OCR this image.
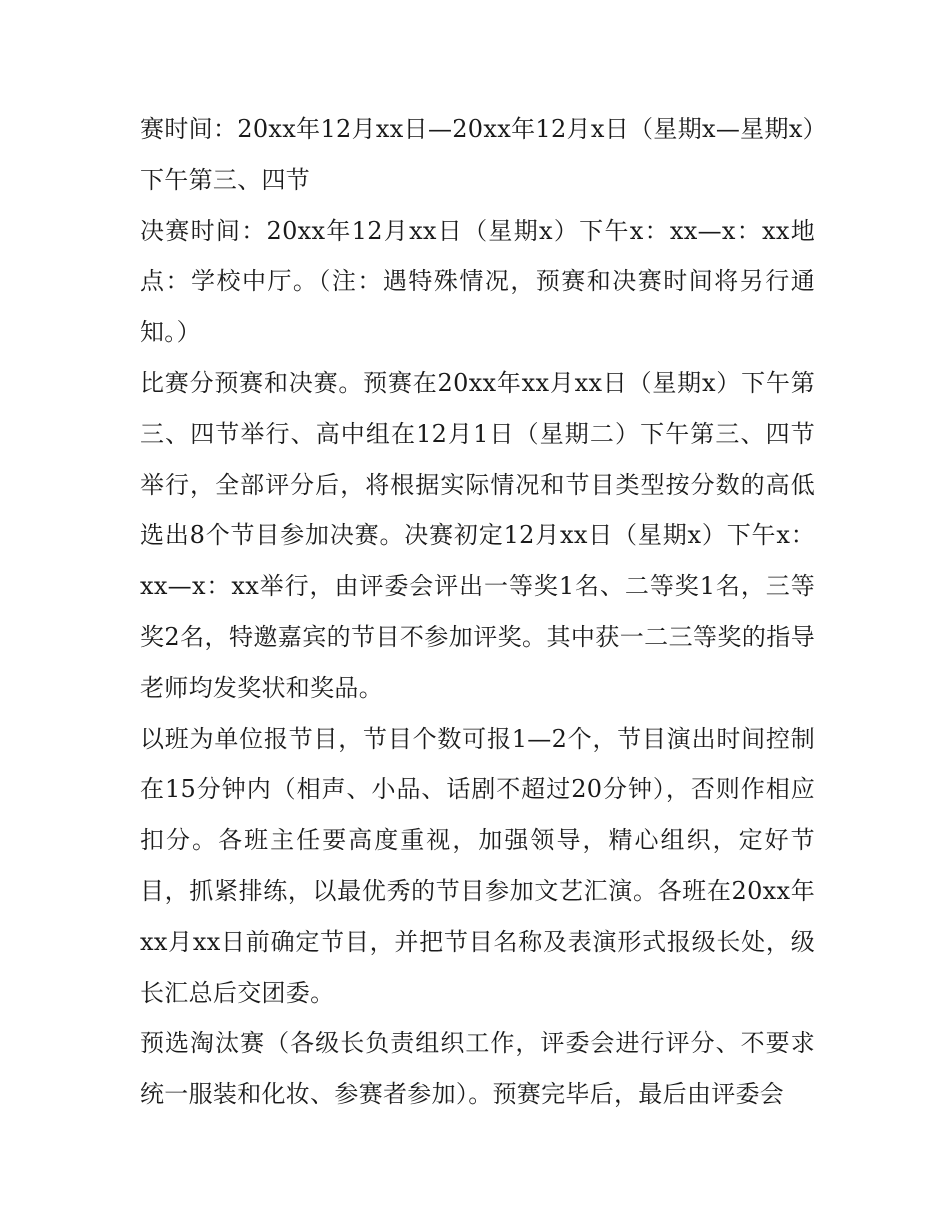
赛时间：20xx年12月xx日—20xx年12月x日（星期x—星期x）下午第三、四节

决赛时间：20xx年12月xx日（星期x）下午x：xx—x：xx地点：学校中厅。（注：遇特殊情况，预赛和决赛时间将另行通知。）

比赛分预赛和决赛。预赛在20xx年xx月xx日（星期x）下午第三、四节举行、高中组在12月1日（星期二）下午第三、四节举行，全部评分后，将根据实际情况和节目类型按分数的高低选出8个节目参加决赛。决赛初定12月xx日（星期x）下午x：xx—x：xx举行，由评委会评出一等奖1名、二等奖1名，三等奖2名，特邀嘉宾的节目不参加评奖。其中获一二三等奖的指导老师均发奖状和奖品。

以班为单位报节目，节目个数可报1—2个，节目演出时间控制在15分钟内（相声、小品、话剧不超过20分钟），否则作相应扣分。各班主任要高度重视，加强领导，精心组织，定好节目，抓紧排练，以最优秀的节目参加文艺汇演。各班在20xx年xx月xx日前确定节目，并把节目名称及表演形式报级长处，级长汇总后交团委。

预选淘汰赛（各级长负责组织工作，评委会进行评分、不要求统一服装和化妆、参赛者参加）。预赛完毕后，最后由评委会
